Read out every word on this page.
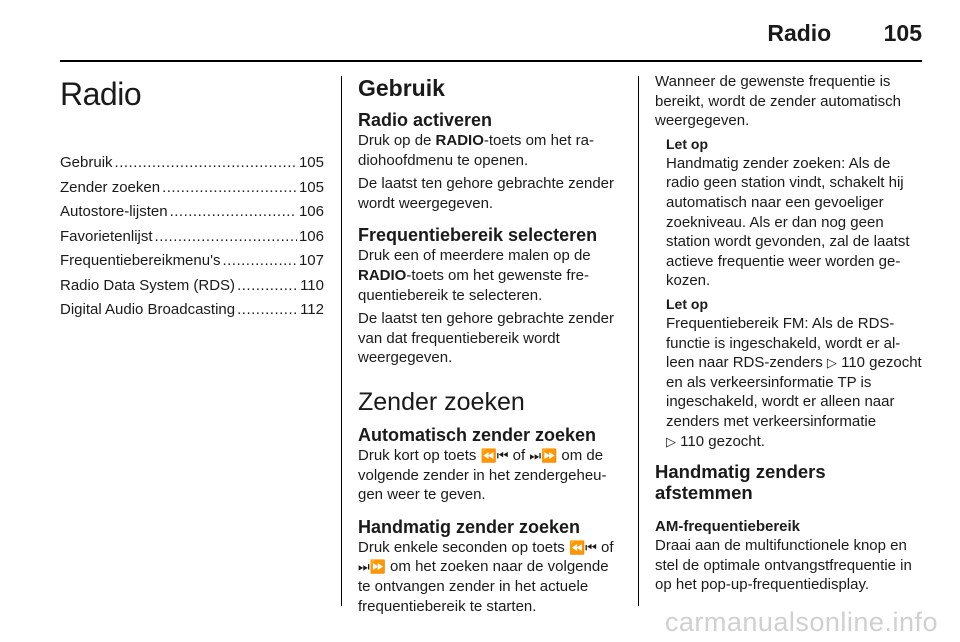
Radio 105
Radio
Gebruik .....	105
Zender zoeken .....	105
Autostore-lijsten .....	106
Favorietenlijst .....	106
Frequentiebereikmenu's .....	107
Radio Data System (RDS) .....	110
Digital Audio Broadcasting .....	112
Gebruik
Radio activeren

Druk op de RADIO-toets om het radiohoofdmenu te openen.

De laatst ten gehore gebrachte zender wordt weergegeven.

Frequentiebereik selecteren

Druk een of meerdere malen op de RADIO-toets om het gewenste frequentiebereik te selecteren.

De laatst ten gehore gebrachte zender van dat frequentiebereik wordt weergegeven.

Zender zoeken
Automatisch zender zoeken

Druk kort op toets ⏪⏮ of ⏭⏩ om de volgende zender in het zendergeheugen weer te geven.

Handmatig zender zoeken

Druk enkele seconden op toets ⏪⏮ of ⏭⏩ om het zoeken naar de volgende te ontvangen zender in het actuele frequentiebereik te starten.

Wanneer de gewenste frequentie is bereikt, wordt de zender automatisch weergegeven.

Let op

Handmatig zender zoeken: Als de radio geen station vindt, schakelt hij automatisch naar een gevoeliger zoekniveau. Als er dan nog geen station wordt gevonden, zal de laatst actieve frequentie weer worden gekozen.

Let op

Frequentiebereik FM: Als de RDS-functie is ingeschakeld, wordt er alleen naar RDS-zenders ▷ 110 gezocht en als verkeersinformatie TP is ingeschakeld, wordt er alleen naar zenders met verkeersinformatie
▷ 110 gezocht.

Handmatig zenders afstemmen
AM-frequentiebereik

Draai aan de multifunctionele knop en stel de optimale ontvangstfrequentie in op het pop-up-frequentiedisplay.

carmanualsonline.info
